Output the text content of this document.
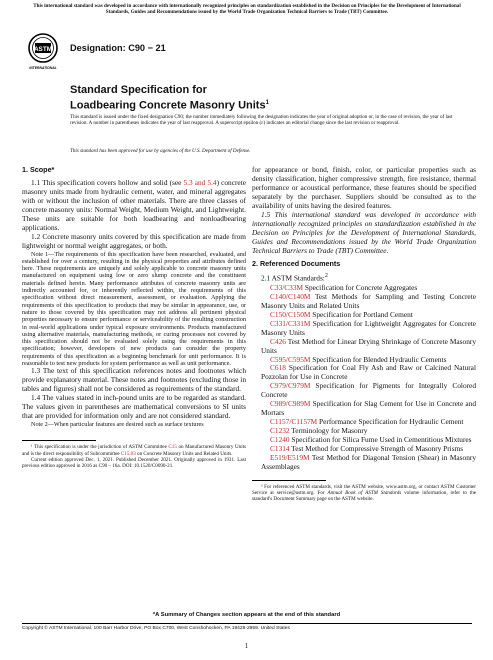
This international standard was developed in accordance with internationally recognized principles on standardization established in the Decision on Principles for the Development of International Standards, Guides and Recommendations issued by the World Trade Organization Technical Barriers to Trade (TBT) Committee.
ASTM
INTERNATIONAL
Designation: C90 − 21
Standard Specification for
Loadbearing Concrete Masonry Units$^1$
This standard is issued under the fixed designation C90; the number immediately following the designation indicates the year of original adoption or, in the case of revision, the year of last revision. A number in parentheses indicates the year of last reapproval. A superscript epsilon (ε) indicates an editorial change since the last revision or reapproval.
This standard has been approved for use by agencies of the U.S. Department of Defense.
1. Scope*

1.1 This specification covers hollow and solid (see 5.3 and 5.4) concrete masonry units made from hydraulic cement, water, and mineral aggregates with or without the inclusion of other materials. There are three classes of concrete masonry units: Normal Weight, Medium Weight, and Lightweight. These units are suitable for both loadbearing and nonloadbearing applications.

1.2 Concrete masonry units covered by this specification are made from lightweight or normal weight aggregates, or both.

Note 1—The requirements of this specification have been researched, evaluated, and established for over a century, resulting in the physical properties and attributes defined here. These requirements are uniquely and solely applicable to concrete masonry units manufactured on equipment using low or zero slump concrete and the constituent materials defined herein. Many performance attributes of concrete masonry units are indirectly accounted for, or inherently reflected within, the requirements of this specification without direct measurement, assessment, or evaluation. Applying the requirements of this specification to products that may be similar in appearance, use, or nature to those covered by this specification may not address all pertinent physical properties necessary to ensure performance or serviceability of the resulting construction in real-world applications under typical exposure environments. Products manufactured using alternative materials, manufacturing methods, or curing processes not covered by this specification should not be evaluated solely using the requirements in this specification; however, developers of new products can consider the property requirements of this specification as a beginning benchmark for unit performance. It is reasonable to test new products for system performance as well as unit performance.

1.3 The text of this specification references notes and footnotes which provide explanatory material. These notes and footnotes (excluding those in tables and figures) shall not be considered as requirements of the standard.

1.4 The values stated in inch-pound units are to be regarded as standard. The values given in parentheses are mathematical conversions to SI units that are provided for information only and are not considered standard.

Note 2—When particular features are desired such as surface textures

¹ This specification is under the jurisdiction of ASTM Committee C15 on Manufactured Masonry Units and is the direct responsibility of Subcommittee C15.03 on Concrete Masonry Units and Related Units.

Current edition approved Dec. 1, 2021. Published December 2021. Originally approved in 1931. Last previous edition approved in 2016 as C90 – 16a. DOI: 10.1520/C0090-21.

for appearance or bond, finish, color, or particular properties such as density classification, higher compressive strength, fire resistance, thermal performance or acoustical performance, these features should be specified separately by the purchaser. Suppliers should be consulted as to the availability of units having the desired features.

1.5 This international standard was developed in accordance with internationally recognized principles on standardization established in the Decision on Principles for the Development of International Standards, Guides and Recommendations issued by the World Trade Organization Technical Barriers to Trade (TBT) Committee.

2. Referenced Documents

2.1 ASTM Standards:$^2$

C33/C33M Specification for Concrete Aggregates

C140/C140M Test Methods for Sampling and Testing Concrete Masonry Units and Related Units

C150/C150M Specification for Portland Cement

C331/C331M Specification for Lightweight Aggregates for Concrete Masonry Units

C426 Test Method for Linear Drying Shrinkage of Concrete Masonry Units

C595/C595M Specification for Blended Hydraulic Cements

C618 Specification for Coal Fly Ash and Raw or Calcined Natural Pozzolan for Use in Concrete

C979/C979M Specification for Pigments for Integrally Colored Concrete

C989/C989M Specification for Slag Cement for Use in Concrete and Mortars

C1157/C1157M Performance Specification for Hydraulic Cement

C1232 Terminology for Masonry

C1240 Specification for Silica Fume Used in Cementitious Mixtures

C1314 Test Method for Compressive Strength of Masonry Prisms

E519/E519M Test Method for Diagonal Tension (Shear) in Masonry Assemblages

² For referenced ASTM standards, visit the ASTM website, www.astm.org, or contact ASTM Customer Service at service@astm.org. For Annual Book of ASTM Standards volume information, refer to the standard's Document Summary page on the ASTM website.

*A Summary of Changes section appears at the end of this standard
Copyright © ASTM International, 100 Barr Harbor Drive, PO Box C700, West Conshohocken, PA 19428-2959. United States
1
